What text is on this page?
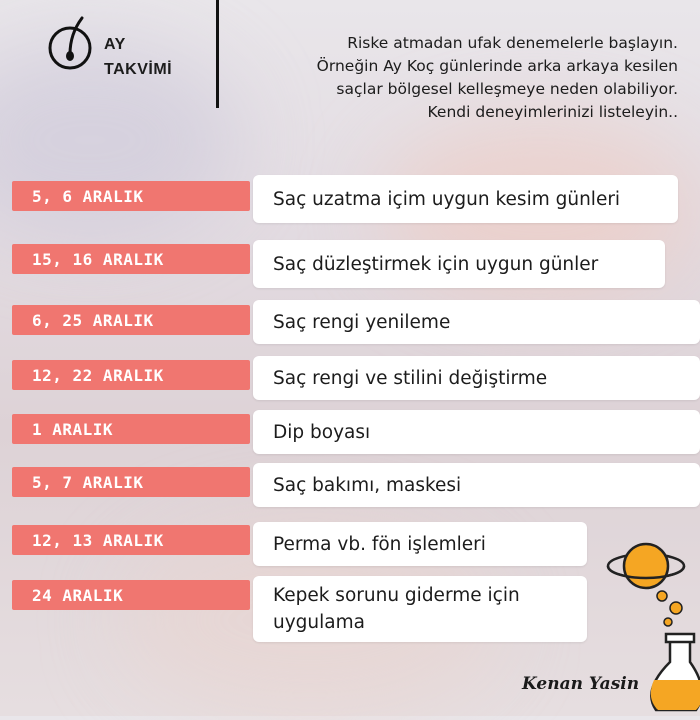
AY
TAKVİMİ
Riske atmadan ufak denemelerle başlayın.
Örneğin Ay Koç günlerinde arka arkaya kesilen
saçlar bölgesel kelleşmeye neden olabiliyor.
Kendi deneyimlerinizi listeleyin..
5, 6 ARALIK	Saç uzatma içim uygun kesim günleri
15, 16 ARALIK	Saç düzleştirmek için uygun günler
6, 25 ARALIK	Saç rengi yenileme
12, 22 ARALIK	Saç rengi ve stilini değiştirme
1 ARALIK	Dip boyası
5, 7 ARALIK	Saç bakımı, maskesi
12, 13 ARALIK	Perma vb. fön işlemleri
24 ARALIK	Kepek sorunu giderme için
uygulama
Kenan Yasin
